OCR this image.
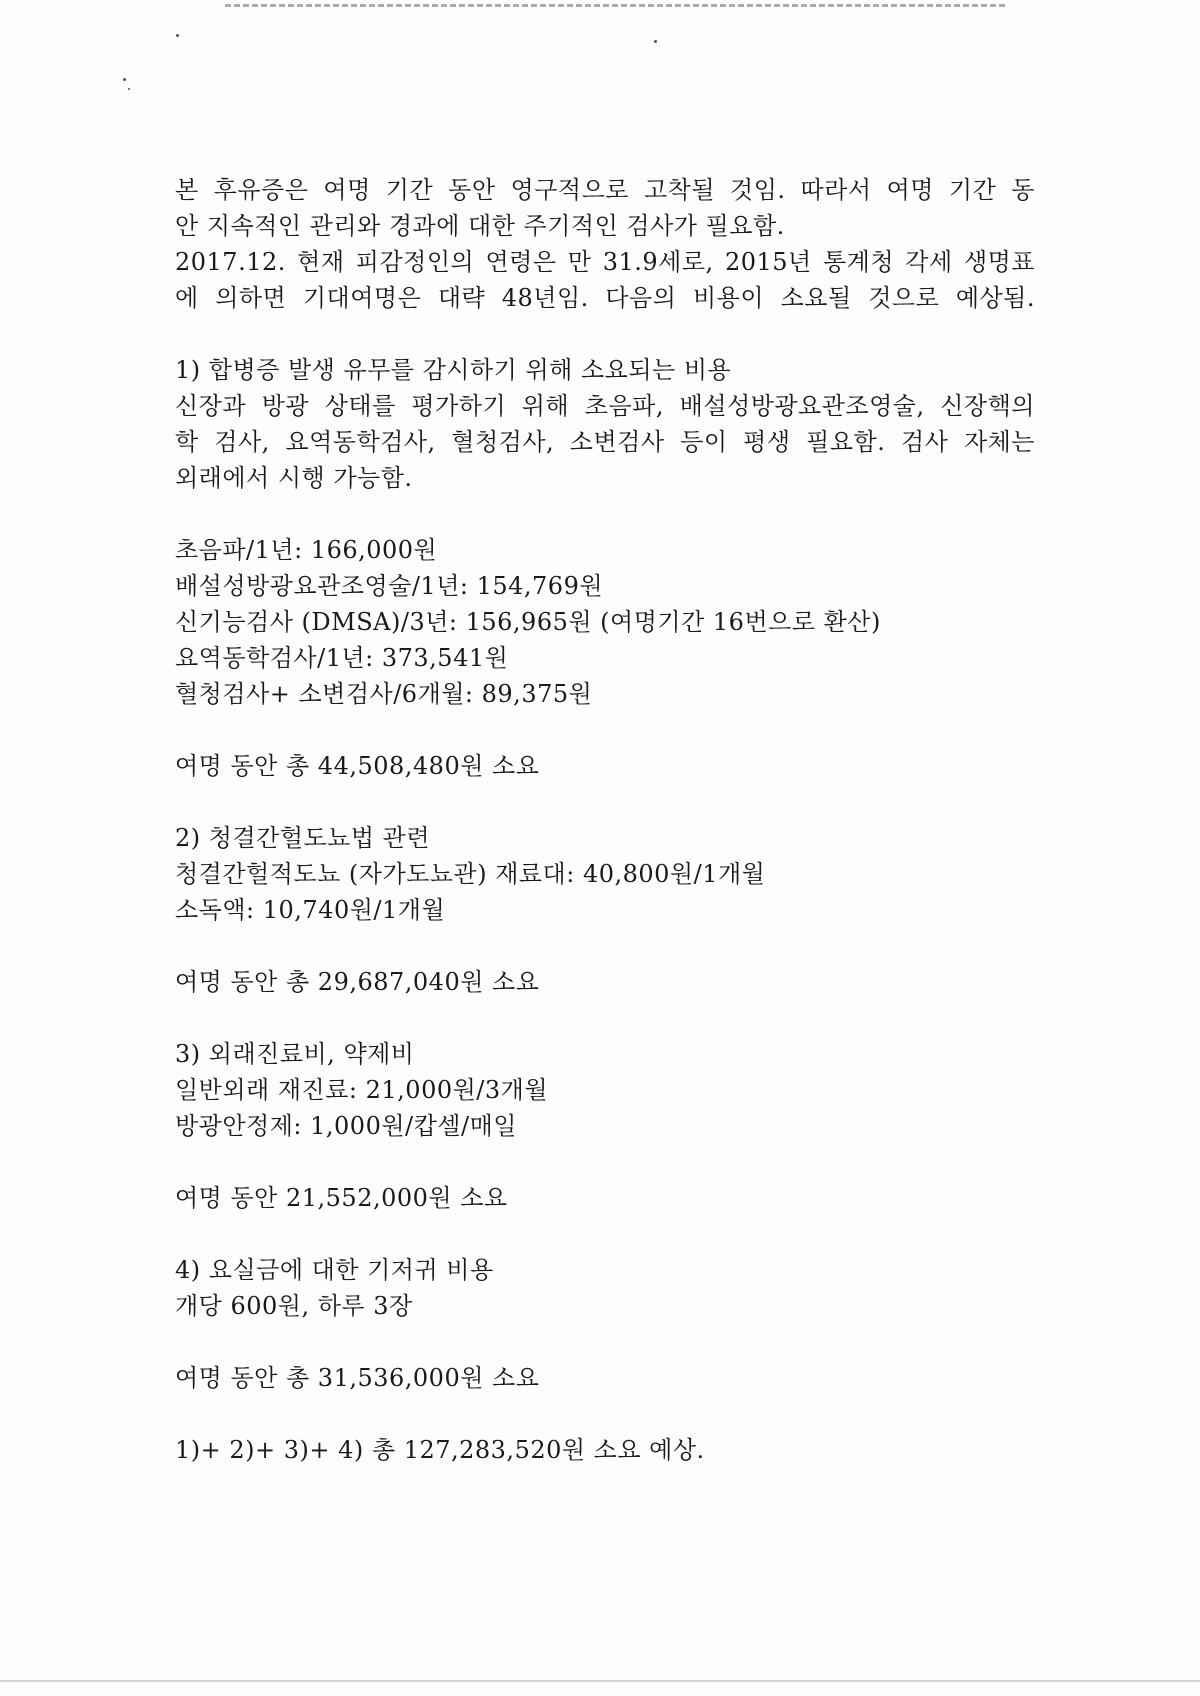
본 후유증은 여명 기간 동안 영구적으로 고착될 것임. 따라서 여명 기간 동
안 지속적인 관리와 경과에 대한 주기적인 검사가 필요함.
2017.12. 현재 피감정인의 연령은 만 31.9세로, 2015년 통계청 각세 생명표
에 의하면 기대여명은 대략 48년임. 다음의 비용이 소요될 것으로 예상됨.
1) 합병증 발생 유무를 감시하기 위해 소요되는 비용
신장과 방광 상태를 평가하기 위해 초음파, 배설성방광요관조영술, 신장핵의
학 검사, 요역동학검사, 혈청검사, 소변검사 등이 평생 필요함. 검사 자체는
외래에서 시행 가능함.
초음파/1년: 166,000원
배설성방광요관조영술/1년: 154,769원
신기능검사 (DMSA)/3년: 156,965원 (여명기간 16번으로 환산)
요역동학검사/1년: 373,541원
혈청검사+ 소변검사/6개월: 89,375원
여명 동안 총 44,508,480원 소요
2) 청결간헐도뇨법 관련
청결간헐적도뇨 (자가도뇨관) 재료대: 40,800원/1개월
소독액: 10,740원/1개월
여명 동안 총 29,687,040원 소요
3) 외래진료비, 약제비
일반외래 재진료: 21,000원/3개월
방광안정제: 1,000원/캅셀/매일
여명 동안 21,552,000원 소요
4) 요실금에 대한 기저귀 비용
개당 600원, 하루 3장
여명 동안 총 31,536,000원 소요
1)+ 2)+ 3)+ 4) 총 127,283,520원 소요 예상.
